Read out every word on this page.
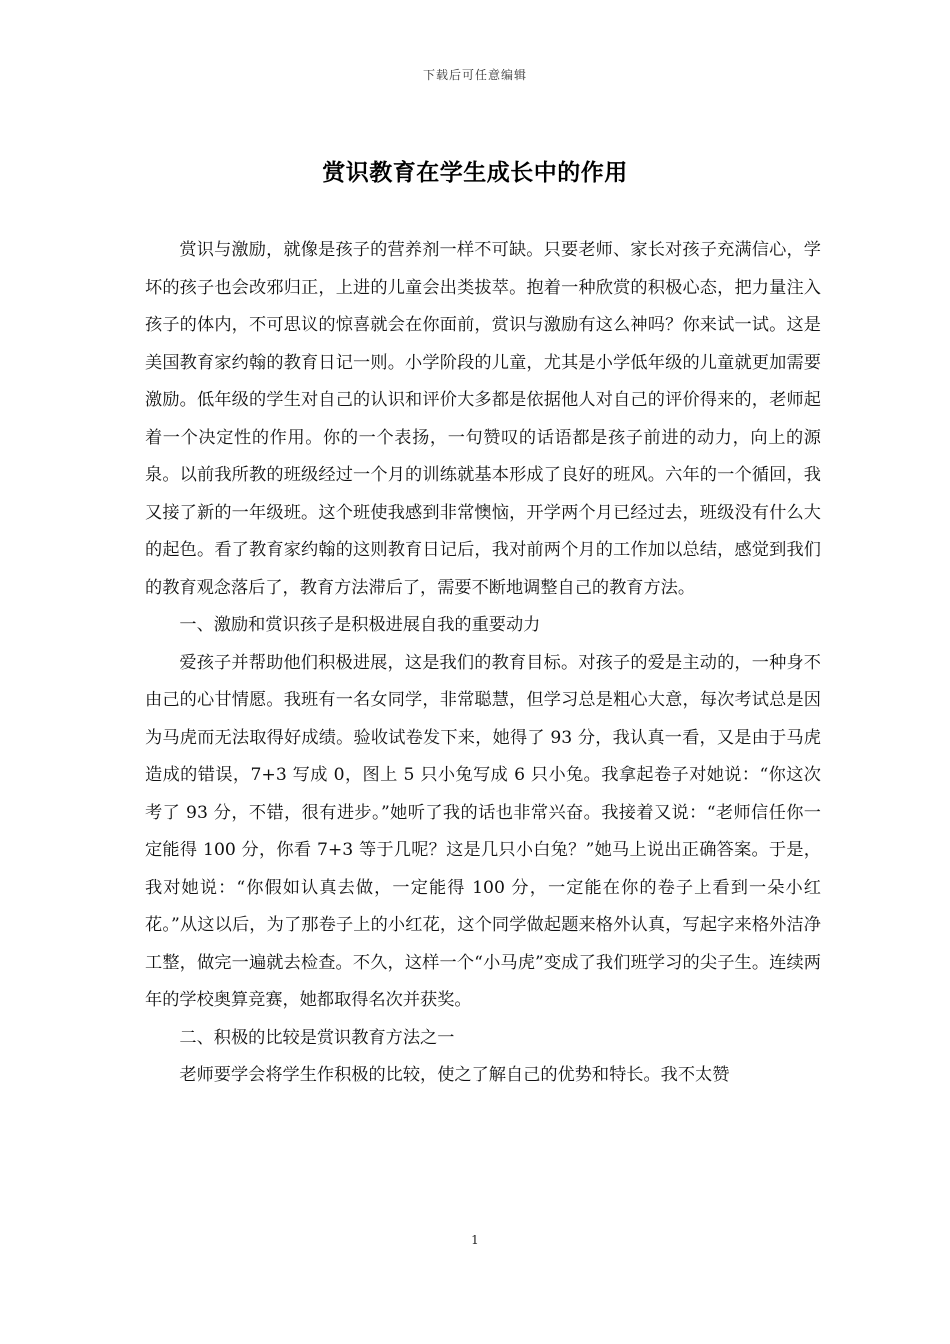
下载后可任意编辑
赏识教育在学生成长中的作用

赏识与激励，就像是孩子的营养剂一样不可缺。只要老师、家长对孩子充满信心，学坏的孩子也会改邪归正，上进的儿童会出类拔萃。抱着一种欣赏的积极心态，把力量注入孩子的体内，不可思议的惊喜就会在你面前，赏识与激励有这么神吗？你来试一试。这是美国教育家约翰的教育日记一则。小学阶段的儿童，尤其是小学低年级的儿童就更加需要激励。低年级的学生对自己的认识和评价大多都是依据他人对自己的评价得来的，老师起着一个决定性的作用。你的一个表扬，一句赞叹的话语都是孩子前进的动力，向上的源泉。以前我所教的班级经过一个月的训练就基本形成了良好的班风。六年的一个循回，我又接了新的一年级班。这个班使我感到非常懊恼，开学两个月已经过去，班级没有什么大的起色。看了教育家约翰的这则教育日记后，我对前两个月的工作加以总结，感觉到我们的教育观念落后了，教育方法滞后了，需要不断地调整自己的教育方法。

一、激励和赏识孩子是积极进展自我的重要动力

爱孩子并帮助他们积极进展，这是我们的教育目标。对孩子的爱是主动的，一种身不由己的心甘情愿。我班有一名女同学，非常聪慧，但学习总是粗心大意，每次考试总是因为马虎而无法取得好成绩。验收试卷发下来，她得了 93 分，我认真一看，又是由于马虎造成的错误，7+3 写成 0，图上 5 只小兔写成 6 只小兔。我拿起卷子对她说：“你这次考了 93 分，不错，很有进步。”她听了我的话也非常兴奋。我接着又说：“老师信任你一定能得 100 分，你看 7+3 等于几呢？这是几只小白兔？”她马上说出正确答案。于是，我对她说：“你假如认真去做，一定能得 100 分，一定能在你的卷子上看到一朵小红花。”从这以后，为了那卷子上的小红花，这个同学做起题来格外认真，写起字来格外洁净工整，做完一遍就去检查。不久，这样一个“小马虎”变成了我们班学习的尖子生。连续两年的学校奥算竞赛，她都取得名次并获奖。

二、积极的比较是赏识教育方法之一

老师要学会将学生作积极的比较，使之了解自己的优势和特长。我不太赞

1
